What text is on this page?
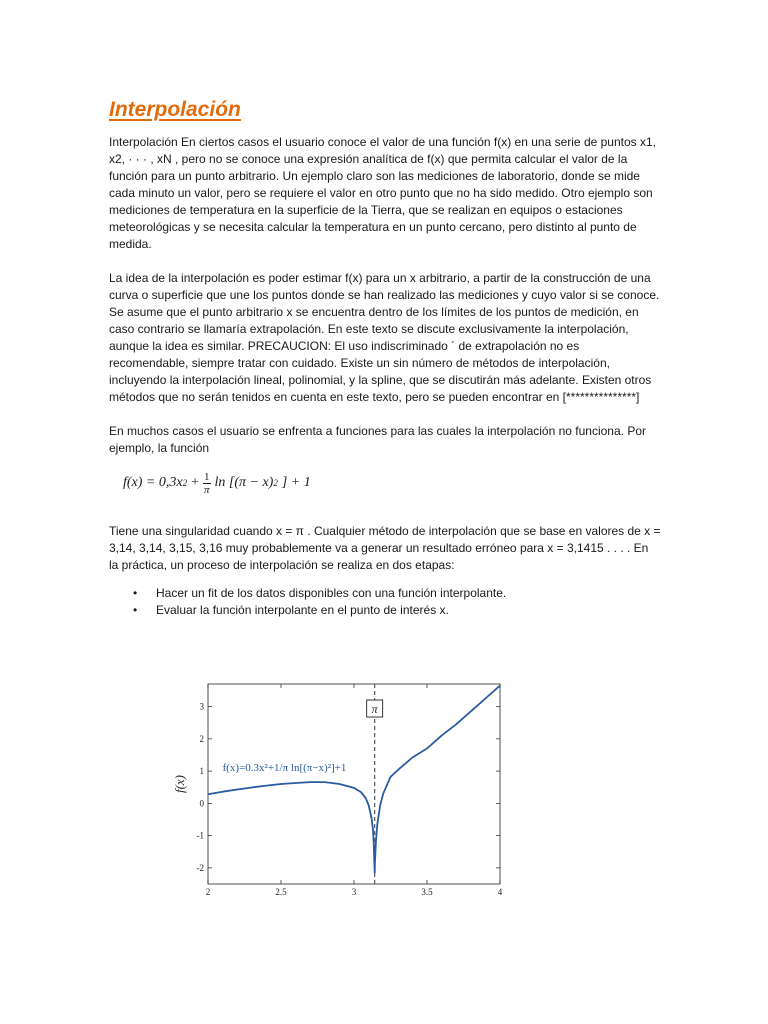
Interpolación

Interpolación En ciertos casos el usuario conoce el valor de una función f(x) en una serie de puntos x1, x2, · · · , xN , pero no se conoce una expresión analítica de f(x) que permita calcular el valor de la función para un punto arbitrario. Un ejemplo claro son las mediciones de laboratorio, donde se mide cada minuto un valor, pero se requiere el valor en otro punto que no ha sido medido. Otro ejemplo son mediciones de temperatura en la superficie de la Tierra, que se realizan en equipos o estaciones meteorológicas y se necesita calcular la temperatura en un punto cercano, pero distinto al punto de medida.

La idea de la interpolación es poder estimar f(x) para un x arbitrario, a partir de la construcción de una curva o superficie que une los puntos donde se han realizado las mediciones y cuyo valor si se conoce. Se asume que el punto arbitrario x se encuentra dentro de los límites de los puntos de medición, en caso contrario se llamaría extrapolación. En este texto se discute exclusivamente la interpolación, aunque la idea es similar. PRECAUCION: El uso indiscriminado ´ de extrapolación no es recomendable, siempre tratar con cuidado. Existe un sin número de métodos de interpolación, incluyendo la interpolación lineal, polinomial, y la spline, que se discutirán más adelante. Existen otros métodos que no serán tenidos en cuenta en este texto, pero se pueden encontrar en [***************]

En muchos casos el usuario se enfrenta a funciones para las cuales la interpolación no funciona. Por ejemplo, la función

f(x) = 0,3x $2 + \frac{1}{\pi}$ ln [(π − x) 2 ] + 1

Tiene una singularidad cuando x = π . Cualquier método de interpolación que se base en valores de x = 3,14, 3,14, 3,15, 3,16 muy probablemente va a generar un resultado erróneo para x = 3,1415 . . . . En la práctica, un proceso de interpolación se realiza en dos etapas:

• Hacer un fit de los datos disponibles con una función interpolante.
• Evaluar la función interpolante en el punto de interés x.
2	2.5	3	3.5	4
3
2
1
0
-1
-2
f(x)
π
f(x)=0.3x²+1/π ln[(π−x)²]+1
